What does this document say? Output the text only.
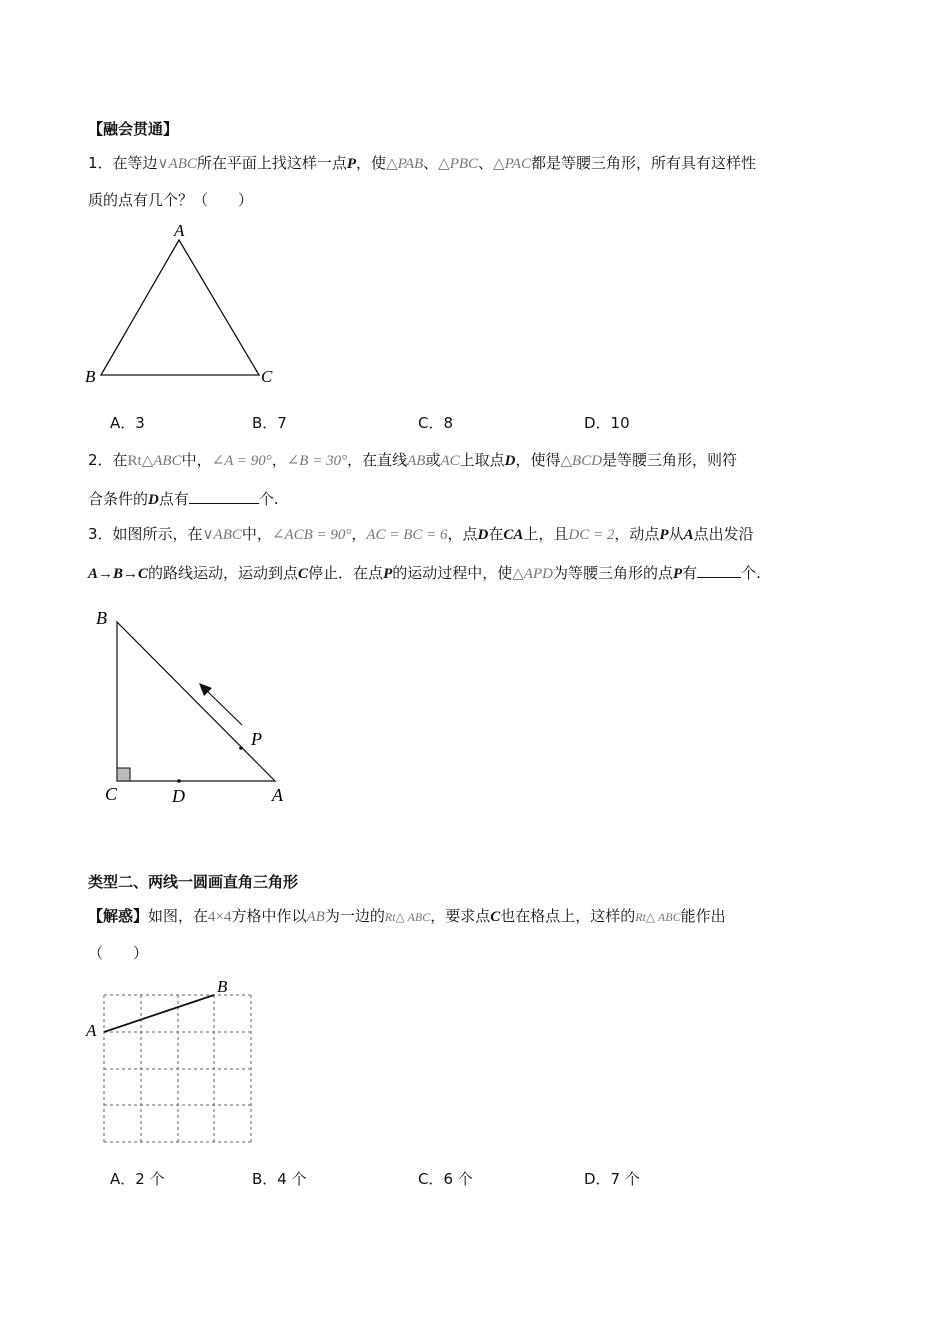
【融会贯通】
1．在等边∨ABC所在平面上找这样一点P，使△PAB、△PBC、△PAC都是等腰三角形，所有具有这样性
质的点有几个？（　　）
A
B	C
A．3	B．7	C．8	D．10
2．在Rt△ABC中，∠A = 90°，∠B = 30°，在直线AB或AC上取点D，使得△BCD是等腰三角形，则符
合条件的D点有	个.
3．如图所示，在∨ABC中，∠ACB = 90°，AC = BC = 6，点D在CA上，且DC = 2，动点P从A点出发沿
A→B→C的路线运动，运动到点C停止．在点P的运动过程中，使△APD为等腰三角形的点P有	个.
B
C	D	A
P
类型二、两线一圆画直角三角形
【解惑】如图，在4×4方格中作以AB为一边的Rt△ ABC，要求点C也在格点上，这样的Rt△ ABC能作出
（　　）
A
B
A．2 个	B．4 个	C．6 个	D．7 个
